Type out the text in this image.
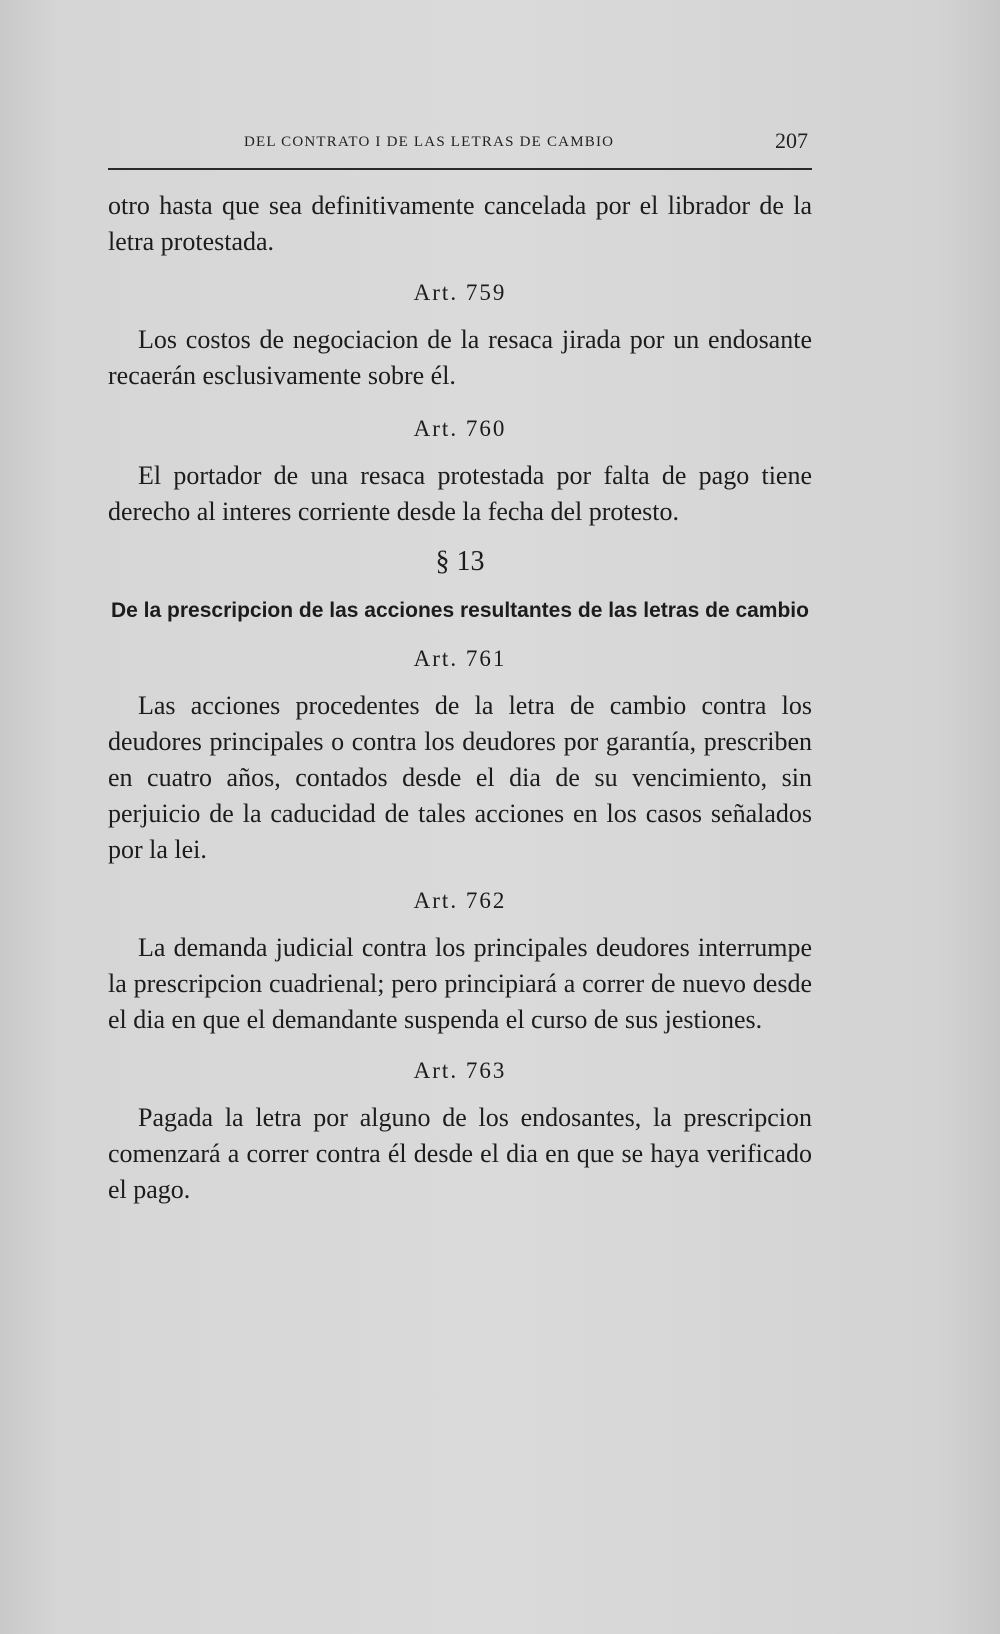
DEL CONTRATO I DE LAS LETRAS DE CAMBIO	207

otro hasta que sea definitivamente cancelada por el librador de la letra protestada.

Art. 759

Los costos de negociacion de la resaca jirada por un endosante recaerán esclusivamente sobre él.

Art. 760

El portador de una resaca protestada por falta de pago tiene derecho al interes corriente desde la fecha del protesto.

§ 13
De la prescripcion de las acciones resultantes de las letras de cambio
Art. 761

Las acciones procedentes de la letra de cambio contra los deudores principales o contra los deudores por garantía, prescriben en cuatro años, contados desde el dia de su vencimiento, sin perjuicio de la caducidad de tales acciones en los casos señalados por la lei.

Art. 762

La demanda judicial contra los principales deudores interrumpe la prescripcion cuadrienal; pero principiará a correr de nuevo desde el dia en que el demandante suspenda el curso de sus jestiones.

Art. 763

Pagada la letra por alguno de los endosantes, la prescripcion comenzará a correr contra él desde el dia en que se haya verificado el pago.
